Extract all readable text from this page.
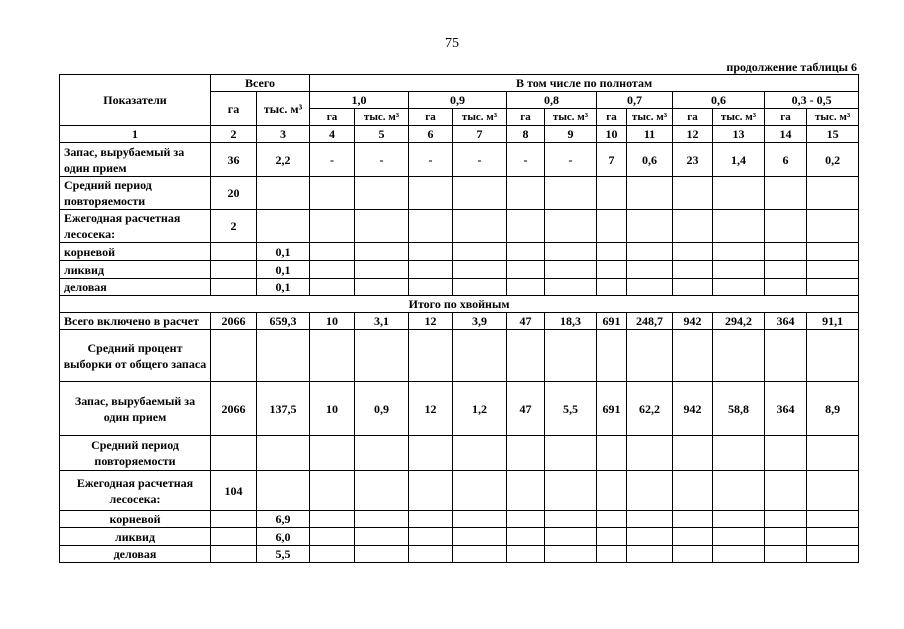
75
продолжение таблицы 6
Показатели	Всего		В том числе по полнотам											
	га	тыс. м³	1,0		0,9		0,8		0,7		0,6		0,3 - 0,5	
			га	тыс. м³	га	тыс. м³	га	тыс. м³	га	тыс. м³	га	тыс. м³	га	тыс. м³
1	2	3	4	5	6	7	8	9	10	11	12	13	14	15
Запас, вырубаемый за один прием	36	2,2	-	-	-	-	-	-	7	0,6	23	1,4	6	0,2
Средний период повторяемости	20													
Ежегодная расчетная лесосека:	2													
корневой		0,1												
ликвид		0,1												
деловая		0,1												
Итого по хвойным														
Всего включено в расчет	2066	659,3	10	3,1	12	3,9	47	18,3	691	248,7	942	294,2	364	91,1
Средний процент выборки от общего запаса														
Запас, вырубаемый за один прием	2066	137,5	10	0,9	12	1,2	47	5,5	691	62,2	942	58,8	364	8,9
Средний период повторяемости														
Ежегодная расчетная лесосека:	104													
корневой		6,9												
ликвид		6,0												
деловая		5,5												
